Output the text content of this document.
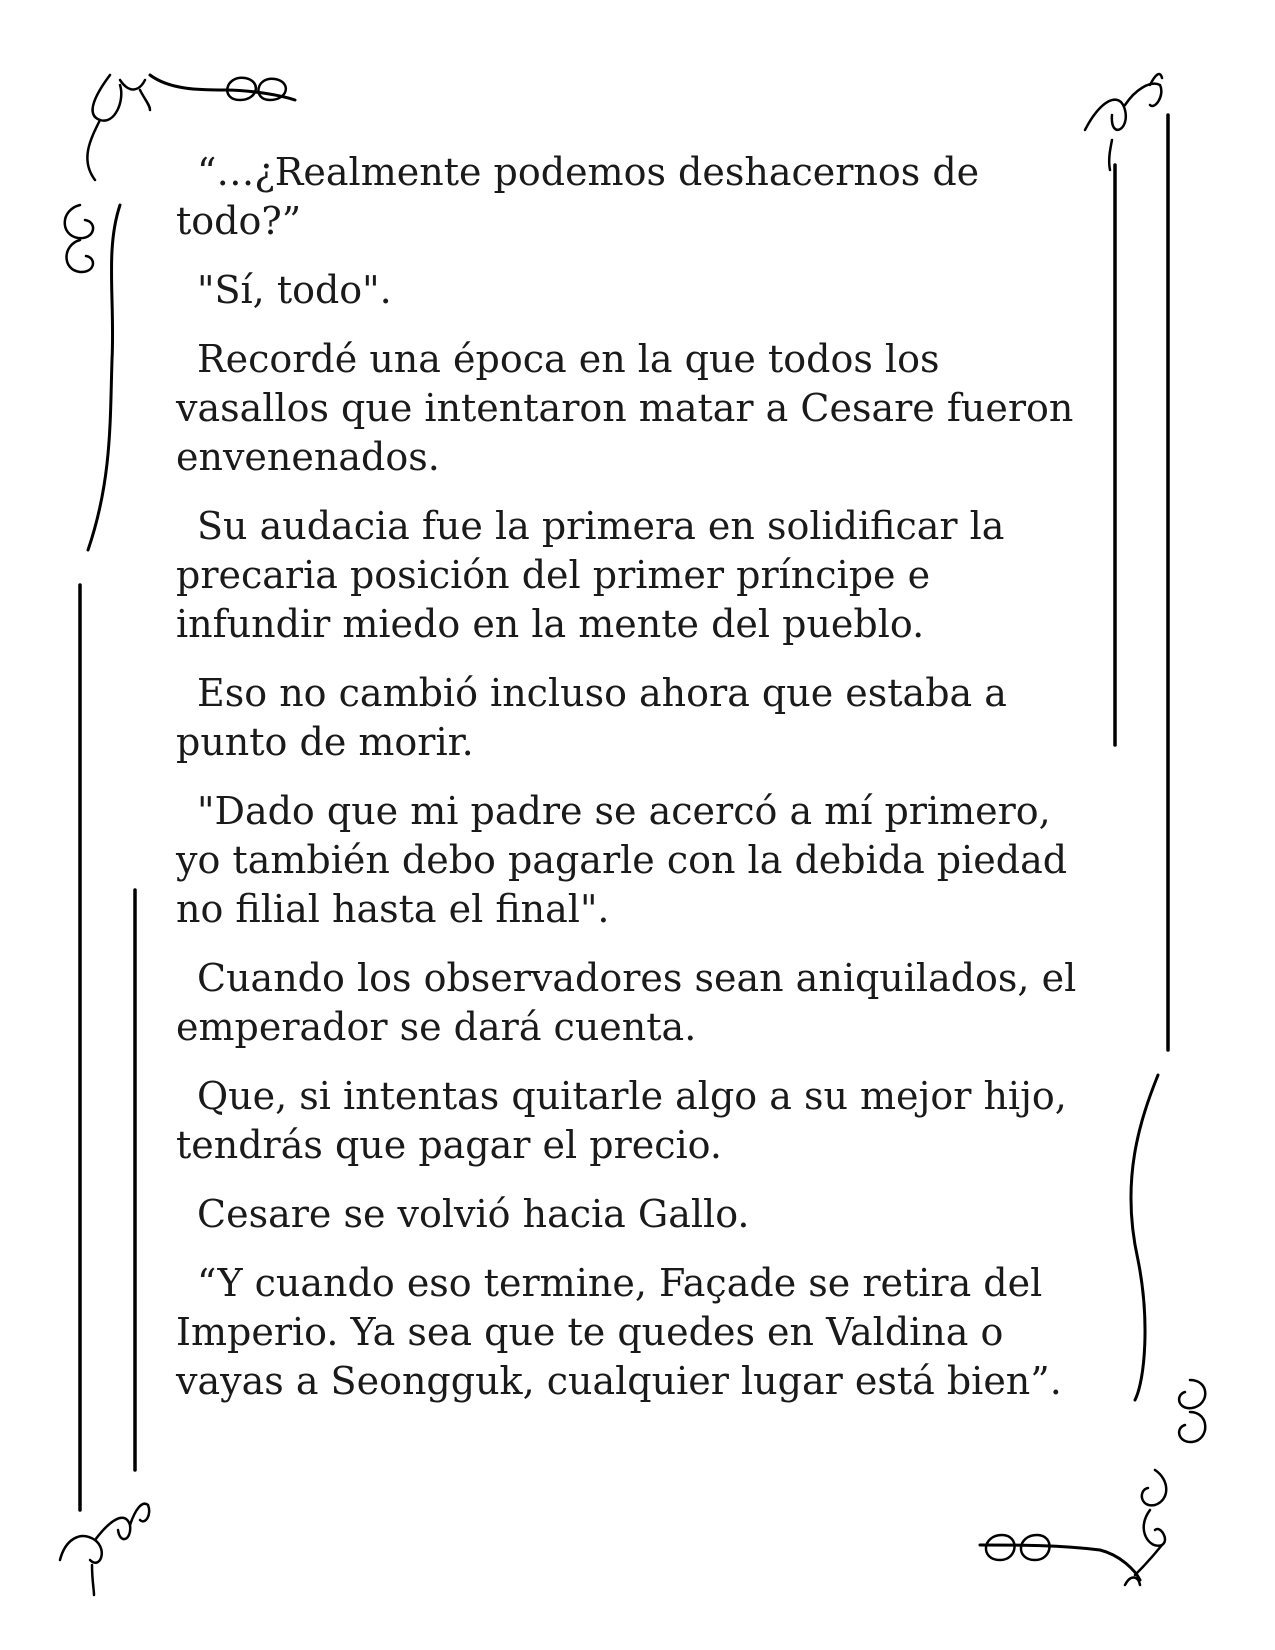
“…¿Realmente podemos deshacernos de todo?”

"Sí, todo".

Recordé una época en la que todos los vasallos que intentaron matar a Cesare fueron envenenados.

Su audacia fue la primera en solidificar la precaria posición del primer príncipe e infundir miedo en la mente del pueblo.

Eso no cambió incluso ahora que estaba a punto de morir.

"Dado que mi padre se acercó a mí primero, yo también debo pagarle con la debida piedad no filial hasta el final".

Cuando los observadores sean aniquilados, el emperador se dará cuenta.

Que, si intentas quitarle algo a su mejor hijo, tendrás que pagar el precio.

Cesare se volvió hacia Gallo.

“Y cuando eso termine, Façade se retira del Imperio. Ya sea que te quedes en Valdina o vayas a Seongguk, cualquier lugar está bien”.
